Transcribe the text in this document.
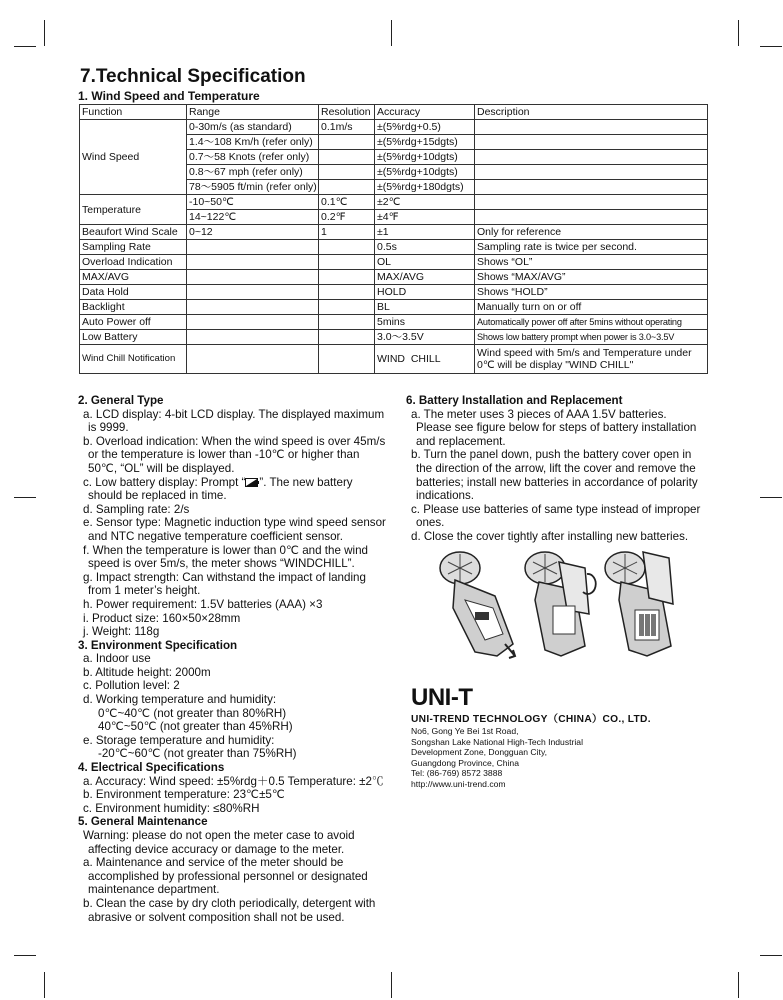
7.Technical Specification
1. Wind Speed and Temperature
Function	Range	Resolution	Accuracy	Description
Wind Speed	0-30m/s (as standard)	0.1m/s	±(5%rdg+0.5)	
	1.4～108 Km/h (refer only)		±(5%rdg+15dgts)	
	0.7～58 Knots (refer only)		±(5%rdg+10dgts)	
	0.8～67 mph (refer only)		±(5%rdg+10dgts)	
	78～5905 ft/min (refer only)		±(5%rdg+180dgts)	
Temperature	-10~50℃	0.1℃	±2℃	
	14~122℃	0.2℉	±4℉	
Beaufort Wind Scale	0~12	1	±1	Only for reference
Sampling Rate			0.5s	Sampling rate is twice per second.
Overload Indication			OL	Shows “OL”
MAX/AVG			MAX/AVG	Shows “MAX/AVG”
Data Hold			HOLD	Shows “HOLD”
Backlight			BL	Manually turn on or off
Auto Power off			5mins	Automatically power off after 5mins without operating
Low Battery			3.0～3.5V	Shows low battery prompt when power is 3.0~3.5V
Wind Chill Notification			WIND  CHILL	Wind speed with 5m/s and Temperature under 0℃ will be display "WIND CHILL"
2. General Type
a. LCD display: 4-bit LCD display. The displayed maximum is 9999.
b. Overload indication: When the wind speed is over 45m/s or the temperature is lower than -10℃ or higher than 50℃, “OL” will be displayed.
c. Low battery display: Prompt “ ”. The new battery should be replaced in time.
d. Sampling rate: 2/s
e. Sensor type: Magnetic induction type wind speed sensor and NTC negative temperature coefficient sensor.
f. When the temperature is lower than 0℃ and the wind speed is over 5m/s, the meter shows “WINDCHILL”.
g. Impact strength: Can withstand the impact of landing from 1 meter’s height.
h. Power requirement: 1.5V batteries (AAA) ×3
i. Product size: 160×50×28mm
j. Weight: 118g
3. Environment Specification
a. Indoor use
b. Altitude height: 2000m
c. Pollution level: 2
d. Working temperature and humidity:
0℃~40℃ (not greater than 80%RH)
40℃~50℃ (not greater than 45%RH)
e. Storage temperature and humidity:
-20℃~60℃ (not greater than 75%RH)
4. Electrical Specifications
a. Accuracy: Wind speed: ±5%rdg＋0.5 Temperature: ±2℃
b. Environment temperature: 23℃±5℃
c. Environment humidity: ≤80%RH
5. General Maintenance
Warning: please do not open the meter case to avoid affecting device accuracy or damage to the meter.
a. Maintenance and service of the meter should be accomplished by professional personnel or designated maintenance department.
b. Clean the case by dry cloth periodically, detergent with abrasive or solvent composition shall not be used.
6. Battery Installation and Replacement
a. The meter uses 3 pieces of AAA 1.5V batteries. Please see figure below for steps of battery installation and replacement.
b. Turn the panel down, push the battery cover open in the direction of the arrow, lift the cover and remove the batteries; install new batteries in accordance of polarity indications.
c. Please use batteries of same type instead of improper ones.
d. Close the cover tightly after installing new batteries.
UNI-T
UNI-TREND TECHNOLOGY（CHINA）CO., LTD.
No6, Gong Ye Bei 1st Road,
Songshan Lake National High-Tech Industrial
Development Zone, Dongguan City,
Guangdong Province, China
Tel: (86-769) 8572 3888
http://www.uni-trend.com
